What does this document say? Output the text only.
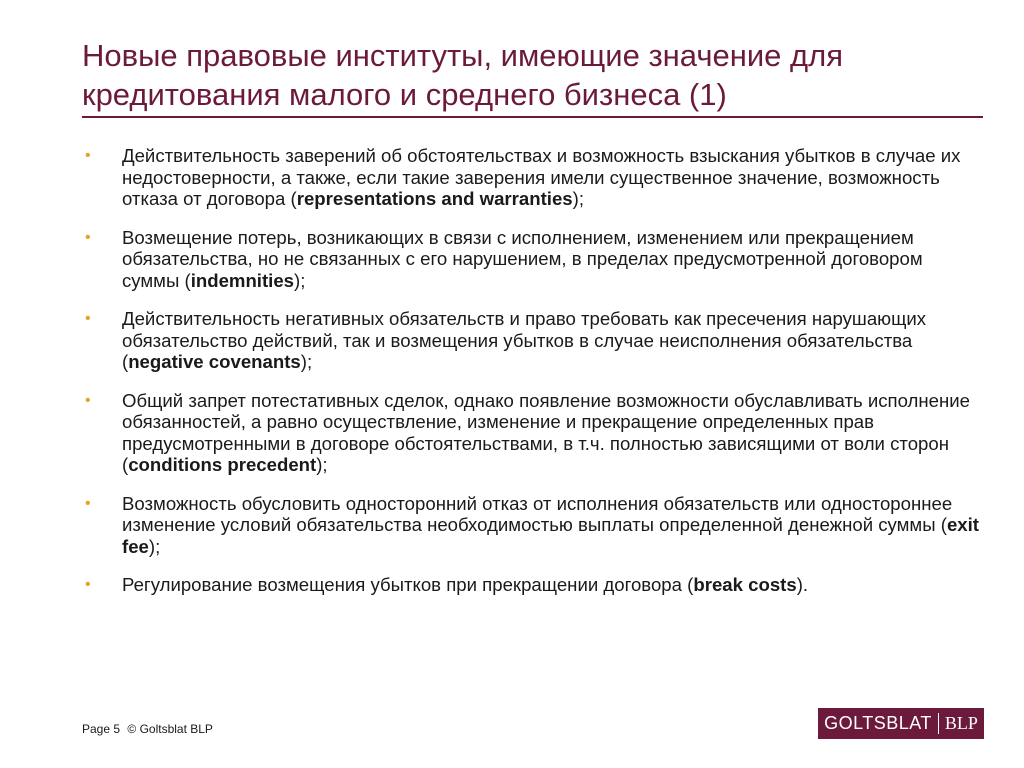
Новые правовые институты, имеющие значение для кредитования малого и среднего бизнеса (1)
• Действительность заверений об обстоятельствах и возможность взыскания убытков в случае их недостоверности, а также, если такие заверения имели существенное значение, возможность отказа от договора (representations and warranties);
• Возмещение потерь, возникающих в связи с исполнением, изменением или прекращением обязательства, но не связанных с его нарушением, в пределах предусмотренной договором суммы (indemnities);
• Действительность негативных обязательств и право требовать как пресечения нарушающих обязательство действий, так и возмещения убытков в случае неисполнения обязательства (negative covenants);
• Общий запрет потестативных сделок, однако появление возможности обуславливать исполнение обязанностей, а равно осуществление, изменение и прекращение определенных прав предусмотренными в договоре обстоятельствами, в т.ч. полностью зависящими от воли сторон (conditions precedent);
• Возможность обусловить односторонний отказ от исполнения обязательств или одностороннее изменение условий обязательства необходимостью выплаты определенной денежной суммы (exit fee);
• Регулирование возмещения убытков при прекращении договора (break costs).
Page 5 © Goltsblat BLP	GOLTSBLAT BLP
